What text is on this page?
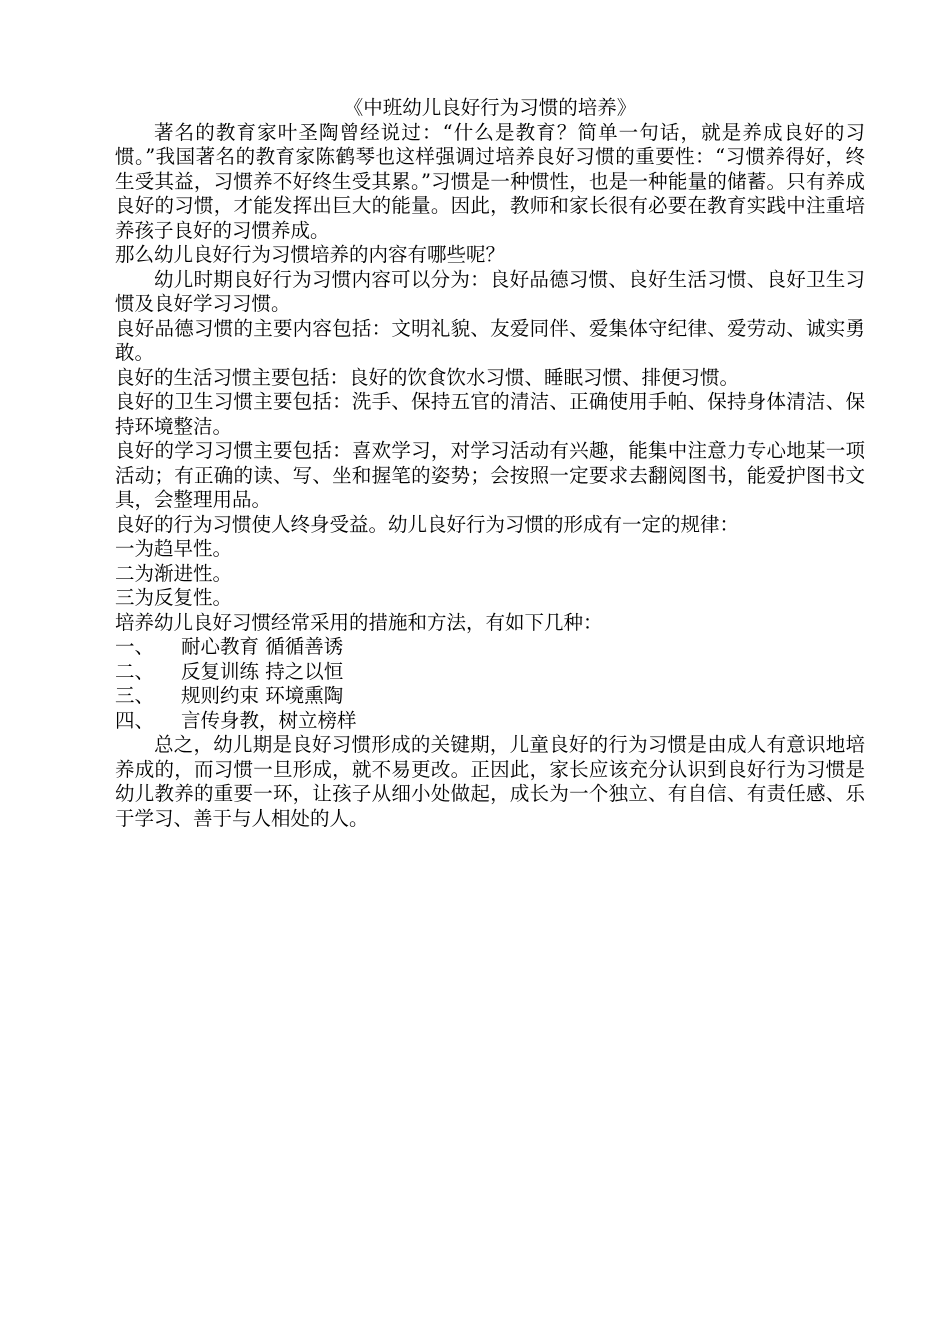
《中班幼儿良好行为习惯的培养》

著名的教育家叶圣陶曾经说过：“什么是教育？简单一句话，就是养成良好的习惯。”我国著名的教育家陈鹤琴也这样强调过培养良好习惯的重要性：“习惯养得好，终生受其益，习惯养不好终生受其累。”习惯是一种惯性，也是一种能量的储蓄。只有养成良好的习惯，才能发挥出巨大的能量。因此，教师和家长很有必要在教育实践中注重培养孩子良好的习惯养成。

那么幼儿良好行为习惯培养的内容有哪些呢？

幼儿时期良好行为习惯内容可以分为：良好品德习惯、良好生活习惯、良好卫生习惯及良好学习习惯。

良好品德习惯的主要内容包括：文明礼貌、友爱同伴、爱集体守纪律、爱劳动、诚实勇敢。

良好的生活习惯主要包括：良好的饮食饮水习惯、睡眠习惯、排便习惯。

良好的卫生习惯主要包括：洗手、保持五官的清洁、正确使用手帕、保持身体清洁、保持环境整洁。

良好的学习习惯主要包括：喜欢学习，对学习活动有兴趣，能集中注意力专心地某一项活动；有正确的读、写、坐和握笔的姿势；会按照一定要求去翻阅图书，能爱护图书文具，会整理用品。

良好的行为习惯使人终身受益。幼儿良好行为习惯的形成有一定的规律：

一为趋早性。

二为渐进性。

三为反复性。

培养幼儿良好习惯经常采用的措施和方法，有如下几种：

一、	耐心教育 循循善诱
二、	反复训练 持之以恒
三、	规则约束 环境熏陶
四、	言传身教，树立榜样

总之，幼儿期是良好习惯形成的关键期，儿童良好的行为习惯是由成人有意识地培养成的，而习惯一旦形成，就不易更改。正因此，家长应该充分认识到良好行为习惯是幼儿教养的重要一环，让孩子从细小处做起，成长为一个独立、有自信、有责任感、乐于学习、善于与人相处的人。
